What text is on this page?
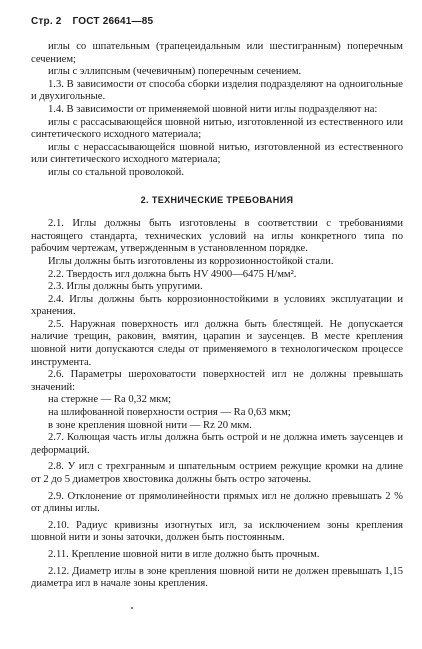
Стр. 2 ГОСТ 26641—85

иглы со шпательным (трапецеидальным или шестигранным) поперечным сечением;

иглы с эллипсным (чечевичным) поперечным сечением.

1.3. В зависимости от способа сборки изделия подразделяют на одноигольные и двухигольные.

1.4. В зависимости от применяемой шовной нити иглы подразделяют на:

иглы с рассасывающейся шовной нитью, изготовленной из естественного или синтетического исходного материала;

иглы с нерассасывающейся шовной нитью, изготовленной из естественного или синтетического исходного материала;

иглы со стальной проволокой.

2. ТЕХНИЧЕСКИЕ ТРЕБОВАНИЯ

2.1. Иглы должны быть изготовлены в соответствии с требованиями настоящего стандарта, технических условий на иглы конкретного типа по рабочим чертежам, утвержденным в установленном порядке.

Иглы должны быть изготовлены из коррозионностойкой стали.

2.2. Твердость игл должна быть HV 4900—6475 Н/мм².

2.3. Иглы должны быть упругими.

2.4. Иглы должны быть коррозионностойкими в условиях эксплуатации и хранения.

2.5. Наружная поверхность игл должна быть блестящей. Не допускается наличие трещин, раковин, вмятин, царапин и заусенцев. В месте крепления шовной нити допускаются следы от применяемого в технологическом процессе инструмента.

2.6. Параметры шероховатости поверхностей игл не должны превышать значений:

на стержне — Ra 0,32 мкм;

на шлифованной поверхности острия — Ra 0,63 мкм;

в зоне крепления шовной нити — Rz 20 мкм.

2.7. Колющая часть иглы должна быть острой и не должна иметь заусенцев и деформаций.

2.8. У игл с трехгранным и шпательным острием режущие кромки на длине от 2 до 5 диаметров хвостовика должны быть остро заточены.

2.9. Отклонение от прямолинейности прямых игл не должно превышать 2 % от длины иглы.

2.10. Радиус кривизны изогнутых игл, за исключением зоны крепления шовной нити и зоны заточки, должен быть постоянным.

2.11. Крепление шовной нити в игле должно быть прочным.

2.12. Диаметр иглы в зоне крепления шовной нити не должен превышать 1,15 диаметра игл в начале зоны крепления.
